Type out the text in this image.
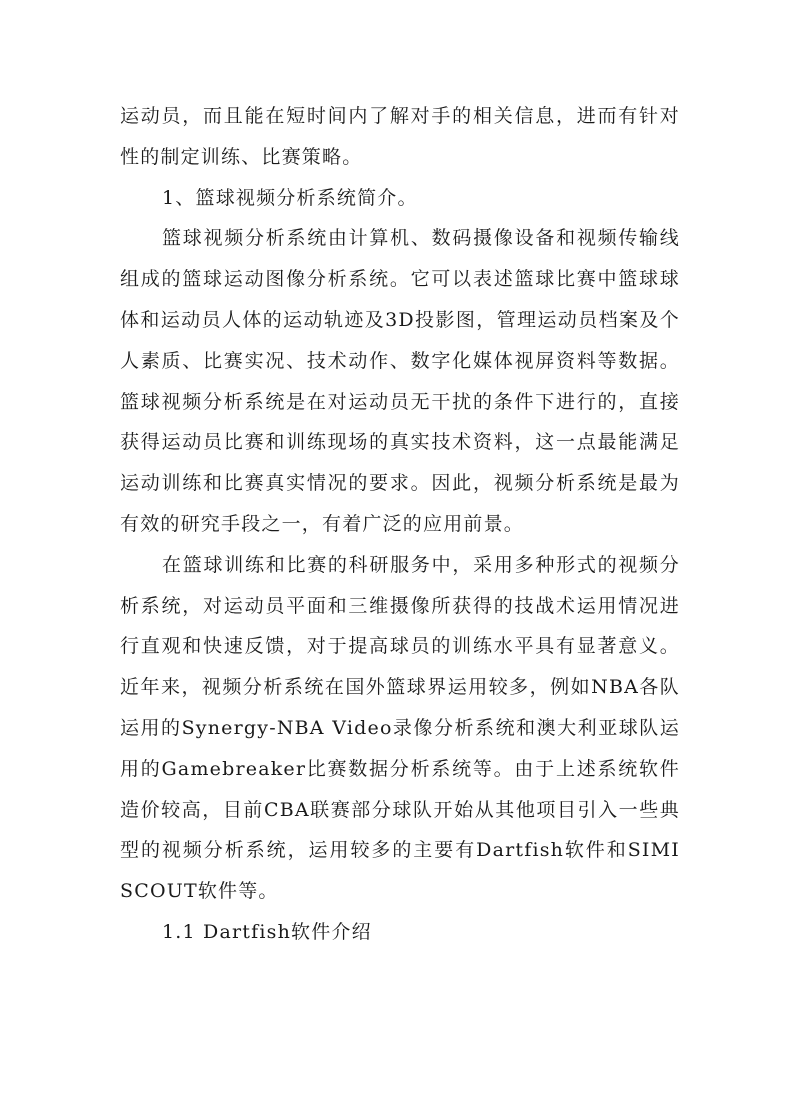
运动员，而且能在短时间内了解对手的相关信息，进而有针对性的制定训练、比赛策略。

1、篮球视频分析系统简介。

篮球视频分析系统由计算机、数码摄像设备和视频传输线组成的篮球运动图像分析系统。它可以表述篮球比赛中篮球球体和运动员人体的运动轨迹及3D投影图，管理运动员档案及个人素质、比赛实况、技术动作、数字化媒体视屏资料等数据。篮球视频分析系统是在对运动员无干扰的条件下进行的，直接获得运动员比赛和训练现场的真实技术资料，这一点最能满足运动训练和比赛真实情况的要求。因此，视频分析系统是最为有效的研究手段之一，有着广泛的应用前景。

在篮球训练和比赛的科研服务中，采用多种形式的视频分析系统，对运动员平面和三维摄像所获得的技战术运用情况进行直观和快速反馈，对于提高球员的训练水平具有显著意义。近年来，视频分析系统在国外篮球界运用较多，例如NBA各队运用的Synergy-NBA Video录像分析系统和澳大利亚球队运用的Gamebreaker比赛数据分析系统等。由于上述系统软件造价较高，目前CBA联赛部分球队开始从其他项目引入一些典型的视频分析系统，运用较多的主要有Dartfish软件和SIMI SCOUT软件等。

1.1 Dartfish软件介绍
